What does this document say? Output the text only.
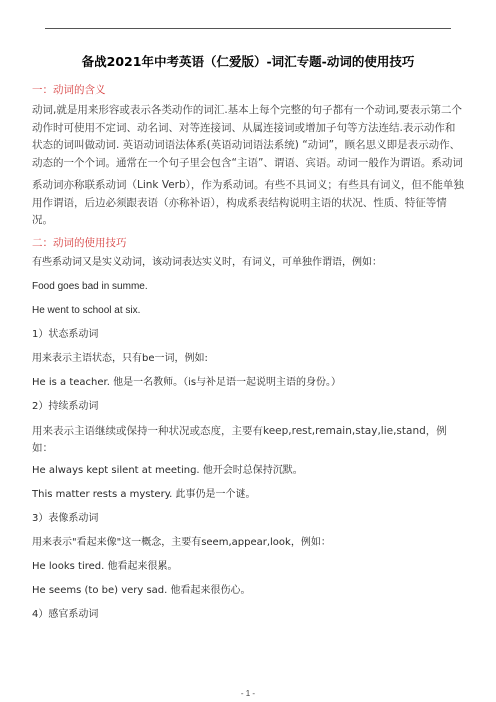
备战2021年中考英语（仁爱版）-词汇专题-动词的使用技巧
一：动词的含义
动词,就是用来形容或表示各类动作的词汇.基本上每个完整的句子都有一个动词,要表示第二个动作时可使用不定词、动名词、对等连接词、从属连接词或增加子句等方法连结.表示动作和状态的词叫做动词. 英语动词语法体系(英语动词语法系统) “动词”，顾名思义即是表示动作、动态的一个个词。通常在一个句子里会包含“主语”、谓语、宾语。动词一般作为谓语。系动词
系动词亦称联系动词（Link Verb），作为系动词。有些不具词义；有些具有词义，但不能单独用作谓语，后边必须跟表语（亦称补语），构成系表结构说明主语的状况、性质、特征等情况。
二：动词的使用技巧
有些系动词又是实义动词，该动词表达实义时，有词义，可单独作谓语，例如：
Food goes bad in summe.
He went to school at six.
1）状态系动词
用来表示主语状态，只有be一词，例如:
He is a teacher. 他是一名教师。（is与补足语一起说明主语的身份。）
2）持续系动词
用来表示主语继续或保持一种状况或态度，主要有keep,rest,remain,stay,lie,stand，例如：
He always kept silent at meeting. 他开会时总保持沉默。
This matter rests a mystery. 此事仍是一个谜。
3）表像系动词
用来表示"看起来像"这一概念，主要有seem,appear,look，例如：
He looks tired. 他看起来很累。
He seems (to be) very sad. 他看起来很伤心。
4）感官系动词
- 1 -
